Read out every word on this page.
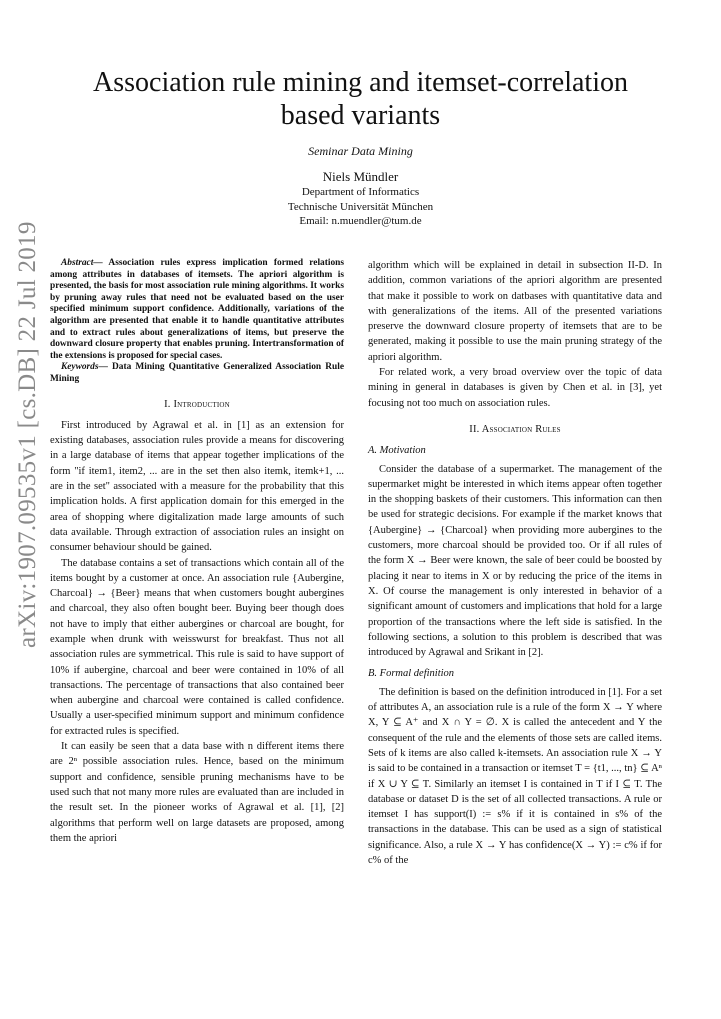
arXiv:1907.09535v1 [cs.DB] 22 Jul 2019
Association rule mining and itemset-correlation based variants
Seminar Data Mining
Niels Mündler
Department of Informatics
Technische Universität München
Email: n.muendler@tum.de

Abstract— Association rules express implication formed relations among attributes in databases of itemsets. The apriori algorithm is presented, the basis for most association rule mining algorithms. It works by pruning away rules that need not be evaluated based on the user specified minimum support confidence. Additionally, variations of the algorithm are presented that enable it to handle quantitative attributes and to extract rules about generalizations of items, but preserve the downward closure property that enables pruning. Intertransformation of the extensions is proposed for special cases.

Keywords— Data Mining Quantitative Generalized Association Rule Mining

I. Introduction

First introduced by Agrawal et al. in [1] as an extension for existing databases, association rules provide a means for discovering in a large database of items that appear together implications of the form "if item1, item2, ... are in the set then also itemk, itemk+1, ... are in the set" associated with a measure for the probability that this implication holds. A first application domain for this emerged in the area of shopping where digitalization made large amounts of such data available. Through extraction of association rules an insight on consumer behaviour should be gained.

The database contains a set of transactions which contain all of the items bought by a customer at once. An association rule {Aubergine, Charcoal} → {Beer} means that when customers bought aubergines and charcoal, they also often bought beer. Buying beer though does not have to imply that either aubergines or charcoal are bought, for example when drunk with weisswurst for breakfast. Thus not all association rules are symmetrical. This rule is said to have support of 10% if aubergine, charcoal and beer were contained in 10% of all transactions. The percentage of transactions that also contained beer when aubergine and charcoal were contained is called confidence. Usually a user-specified minimum support and minimum confidence for extracted rules is specified.

It can easily be seen that a data base with n different items there are 2ⁿ possible association rules. Hence, based on the minimum support and confidence, sensible pruning mechanisms have to be used such that not many more rules are evaluated than are included in the result set. In the pioneer works of Agrawal et al. [1], [2] algorithms that perform well on large datasets are proposed, among them the apriori

algorithm which will be explained in detail in subsection II-D. In addition, common variations of the apriori algorithm are presented that make it possible to work on datbases with quantitative data and with generalizations of the items. All of the presented variations preserve the downward closure property of itemsets that are to be generated, making it possible to use the main pruning strategy of the apriori algorithm.

For related work, a very broad overview over the topic of data mining in general in databases is given by Chen et al. in [3], yet focusing not too much on association rules.

II. Association Rules
A. Motivation

Consider the database of a supermarket. The management of the supermarket might be interested in which items appear often together in the shopping baskets of their customers. This information can then be used for strategic decisions. For example if the market knows that {Aubergine} → {Charcoal} when providing more aubergines to the customers, more charcoal should be provided too. Or if all rules of the form X → Beer were known, the sale of beer could be boosted by placing it near to items in X or by reducing the price of the items in X. Of course the management is only interested in behavior of a significant amount of customers and implications that hold for a large proportion of the transactions where the left side is satisfied. In the following sections, a solution to this problem is described that was introduced by Agrawal and Srikant in [2].

B. Formal definition

The definition is based on the definition introduced in [1]. For a set of attributes A, an association rule is a rule of the form X → Y where X, Y ⊆ A⁺ and X ∩ Y = ∅. X is called the antecedent and Y the consequent of the rule and the elements of those sets are called items. Sets of k items are also called k-itemsets. An association rule X → Y is said to be contained in a transaction or itemset T = {t1, ..., tn} ⊆ Aⁿ if X ∪ Y ⊆ T. Similarly an itemset I is contained in T if I ⊆ T. The database or dataset D is the set of all collected transactions. A rule or itemset I has support(I) := s% if it is contained in s% of the transactions in the database. This can be used as a sign of statistical significance. Also, a rule X → Y has confidence(X → Y) := c% if for c% of the
